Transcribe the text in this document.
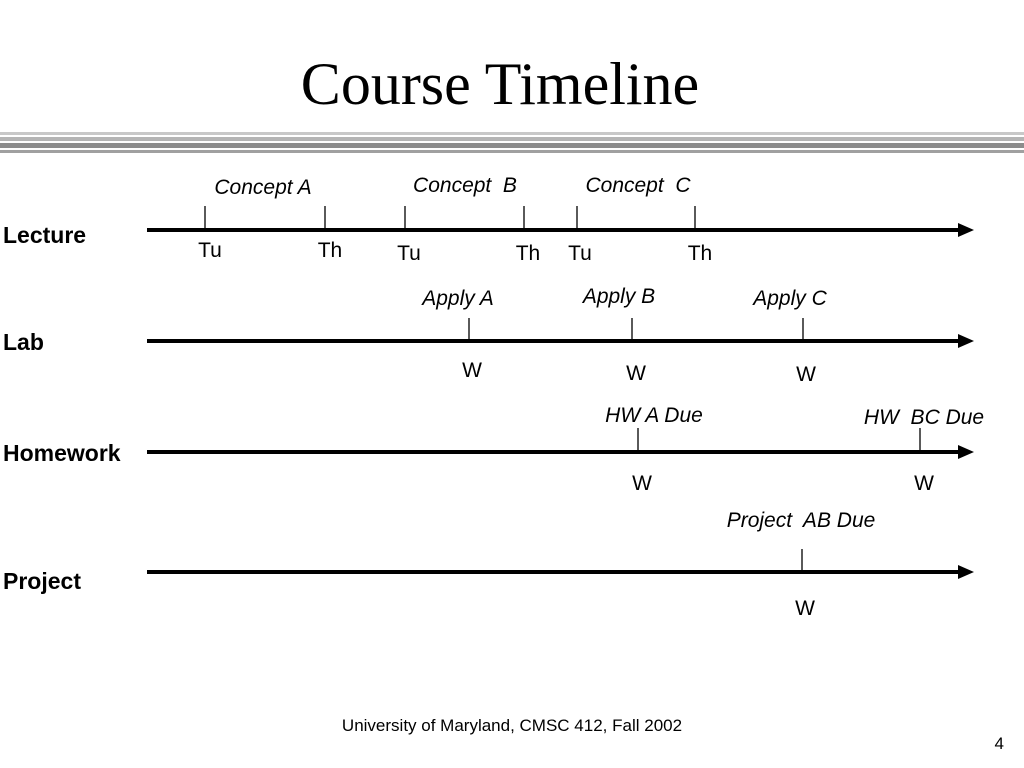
Course Timeline
Lecture
Tu	Th	Tu	Th Tu	Th
Concept A	Concept  B	Concept  C
Lab
W	W	W
Apply A	Apply B	Apply C
Homework
W	W
HW A Due	HW  BC Due
Project
W
Project  AB Due
University of Maryland, CMSC 412, Fall 2002
4
